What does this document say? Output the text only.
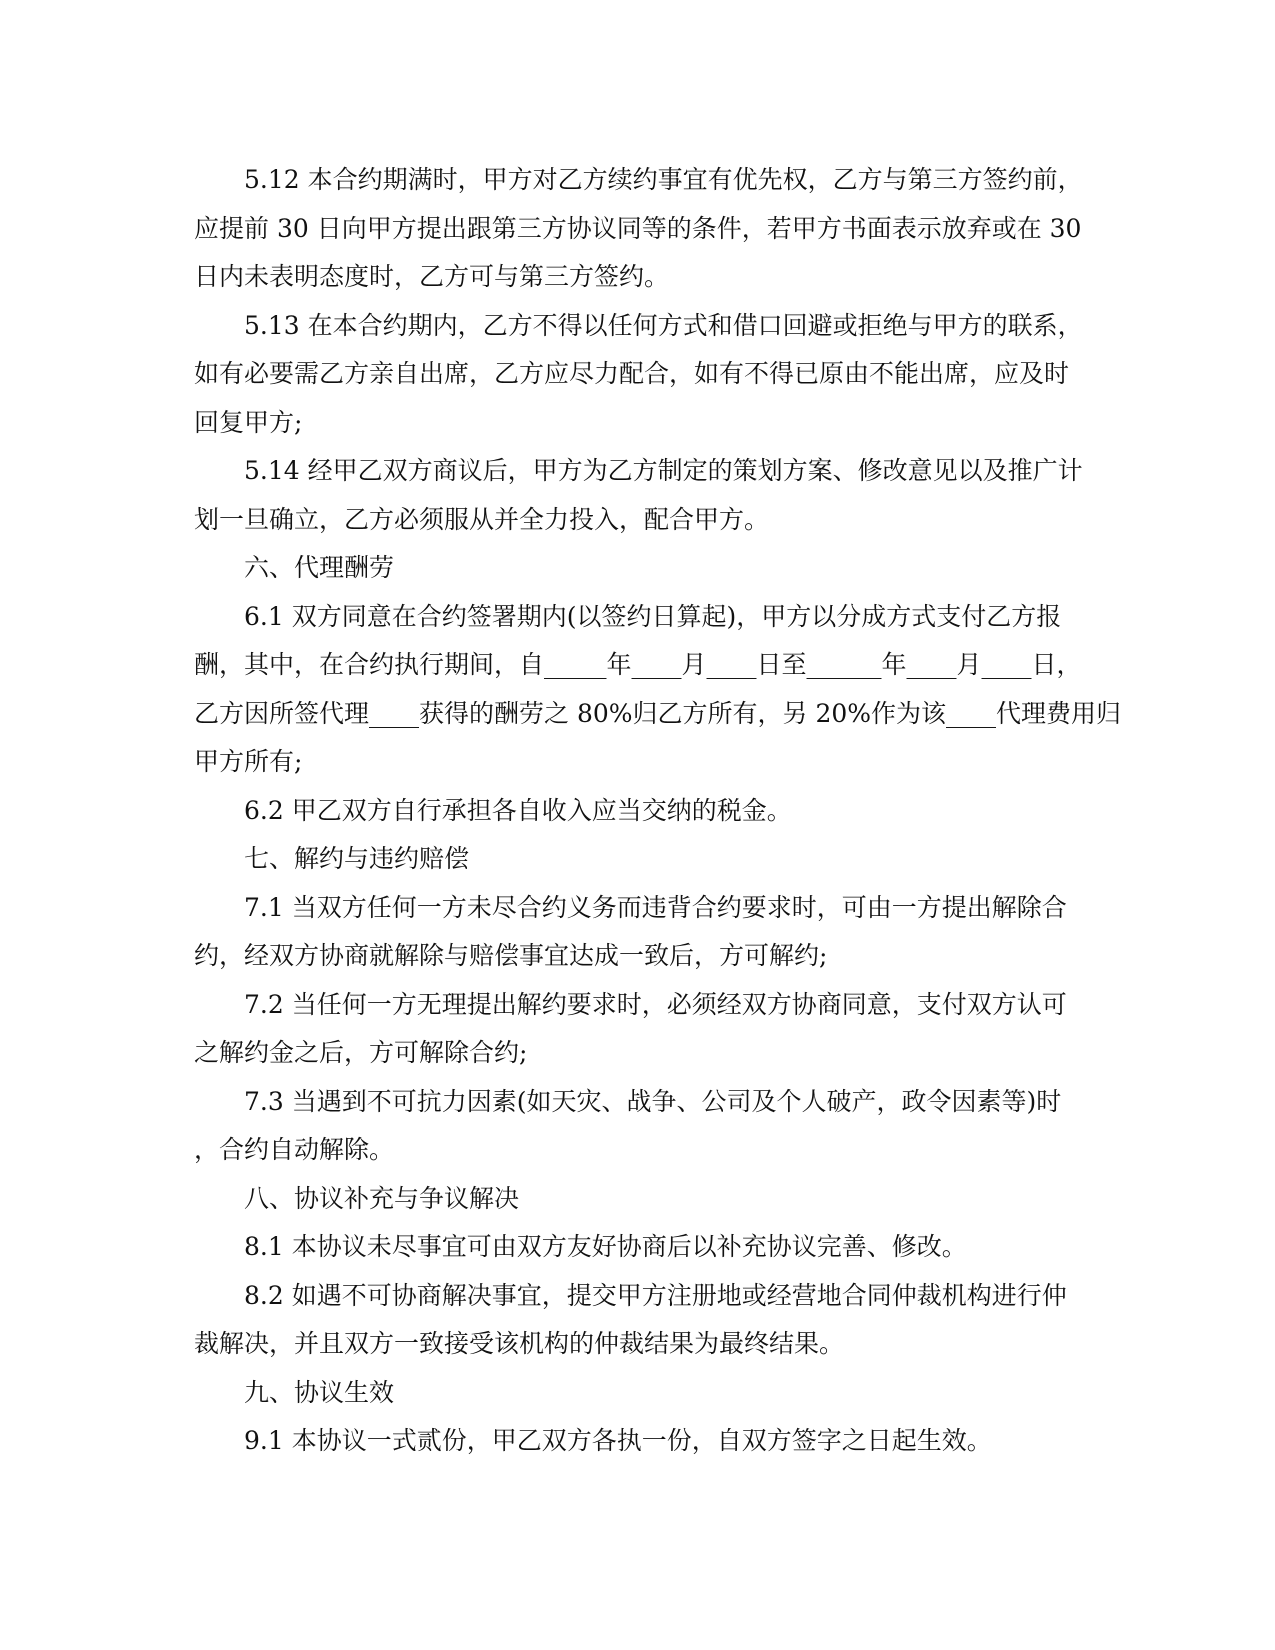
5.12 本合约期满时，甲方对乙方续约事宜有优先权，乙方与第三方签约前，
应提前 30 日向甲方提出跟第三方协议同等的条件，若甲方书面表示放弃或在 30
日内未表明态度时，乙方可与第三方签约。
5.13 在本合约期内，乙方不得以任何方式和借口回避或拒绝与甲方的联系，
如有必要需乙方亲自出席，乙方应尽力配合，如有不得已原由不能出席，应及时
回复甲方;
5.14 经甲乙双方商议后，甲方为乙方制定的策划方案、修改意见以及推广计
划一旦确立，乙方必须服从并全力投入，配合甲方。
六、代理酬劳
6.1 双方同意在合约签署期内(以签约日算起)，甲方以分成方式支付乙方报
酬，其中，在合约执行期间，自_____年____月____日至______年____月____日，
乙方因所签代理____获得的酬劳之 80%归乙方所有，另 20%作为该____代理费用归
甲方所有;
6.2 甲乙双方自行承担各自收入应当交纳的税金。
七、解约与违约赔偿
7.1 当双方任何一方未尽合约义务而违背合约要求时，可由一方提出解除合
约，经双方协商就解除与赔偿事宜达成一致后，方可解约;
7.2 当任何一方无理提出解约要求时，必须经双方协商同意，支付双方认可
之解约金之后，方可解除合约;
7.3 当遇到不可抗力因素(如天灾、战争、公司及个人破产，政令因素等)时
，合约自动解除。
八、协议补充与争议解决
8.1 本协议未尽事宜可由双方友好协商后以补充协议完善、修改。
8.2 如遇不可协商解决事宜，提交甲方注册地或经营地合同仲裁机构进行仲
裁解决，并且双方一致接受该机构的仲裁结果为最终结果。
九、协议生效
9.1 本协议一式贰份，甲乙双方各执一份，自双方签字之日起生效。
